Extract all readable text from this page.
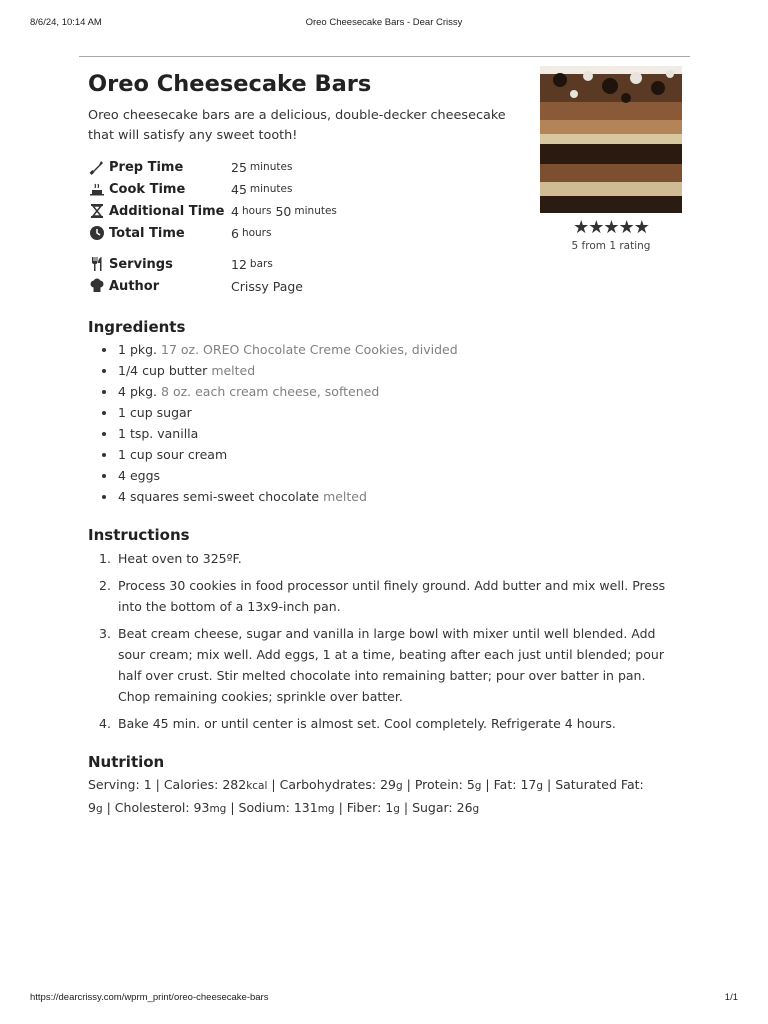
8/6/24, 10:14 AM	Oreo Cheesecake Bars - Dear Crissy
★★★★★
5 from 1 rating
Oreo Cheesecake Bars

Oreo cheesecake bars are a delicious, double-decker cheesecake that will satisfy any sweet tooth!

Prep Time	25 minutes
Cook Time	45 minutes
Additional Time 4 hours 50 minutes
Total Time	6 hours
Servings	12 bars
Author	Crissy Page
Ingredients
1 pkg. 17 oz. OREO Chocolate Creme Cookies, divided
1/4 cup butter melted
4 pkg. 8 oz. each cream cheese, softened
1 cup sugar
1 tsp. vanilla
1 cup sour cream
4 eggs
4 squares semi-sweet chocolate melted
Instructions
1. Heat oven to 325ºF.
2. Process 30 cookies in food processor until finely ground. Add butter and mix well. Press into the bottom of a 13x9-inch pan.
3. Beat cream cheese, sugar and vanilla in large bowl with mixer until well blended. Add sour cream; mix well. Add eggs, 1 at a time, beating after each just until blended; pour half over crust. Stir melted chocolate into remaining batter; pour over batter in pan. Chop remaining cookies; sprinkle over batter.
4. Bake 45 min. or until center is almost set. Cool completely. Refrigerate 4 hours.
Nutrition

Serving: 1 | Calories: 282kcal | Carbohydrates: 29g | Protein: 5g | Fat: 17g | Saturated Fat: 9g | Cholesterol: 93mg | Sodium: 131mg | Fiber: 1g | Sugar: 26g

https://dearcrissy.com/wprm_print/oreo-cheesecake-bars	1/1
